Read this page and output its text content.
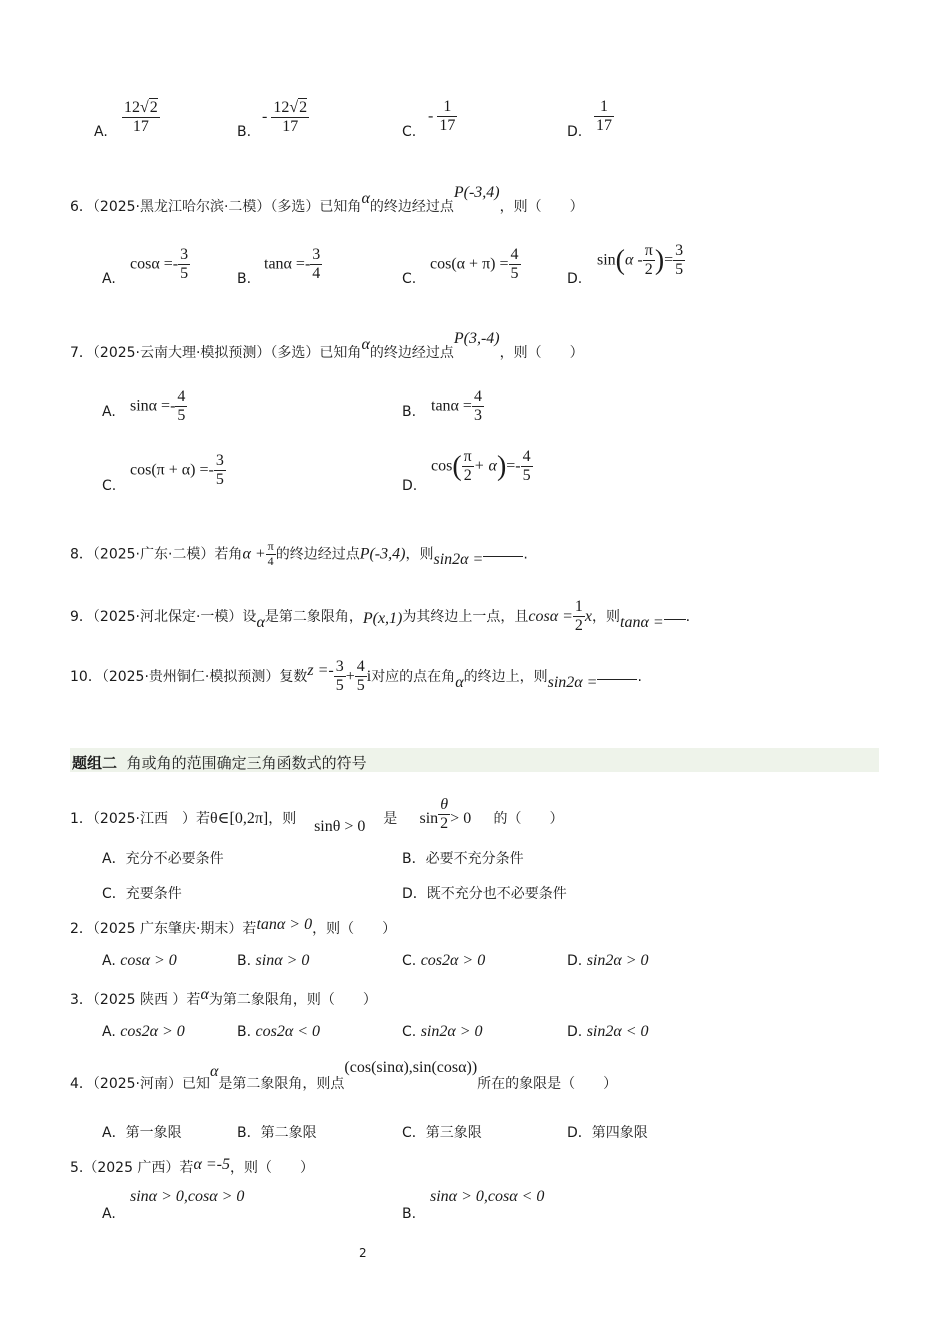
A. $\frac{12√2}{17}$	B.
- $\frac{12√2}{17}$	C.
- $\frac{1}{17}$	D. $\frac{1}{17}$
6．（2025·黑龙江哈尔滨·二模）（多选）已知角α的终边经过点P(-3,4)，则（　　）
A.
$\cos\alpha =- \frac{3}{5}$	B.
$\tan\alpha =- \frac{3}{4}$	C.
$\cos(\alpha + \pi) = \frac{4}{5}$	D.
$\sin(\alpha - \frac{\pi}{2}$ )= $\frac{3}{5}$
7．（2025·云南大理·模拟预测）（多选）已知角α的终边经过点P(3,-4)，则（　　）
A. $\sin\alpha =- \frac{4}{5}$	B. $\tan\alpha = \frac{4}{3}$
C.
$\cos(\pi + \alpha) =- \frac{3}{5}$	D.
$\cos( \frac{\pi}{2} + \alpha)=- \frac{4}{5}$
8．（2025·广东·二模）若角$\alpha + \frac{\pi}{4}$ 的终边经过点P(-3,4)，则sin2α =	.
9．（2025·河北保定·一模）设α是第二象限角，P(x,1)为其终边上一点，且$\cos\alpha = \frac{1}{2}$ x，则tanα = .
10．（2025·贵州铜仁·模拟预测）复数$z =- \frac{3}{5} + \frac{4}{5}$ i对应的点在角α的终边上，则sin2α =	.
题组二 角或角的范围确定三角函数式的符号
1．（2025·江西　）若θ∈[0,2π]，则 sinθ > 0 是 $\sin \frac{\theta}{2} > 0$ 的（　　）
A．充分不必要条件	B．必要不充分条件
C．充要条件	D．既不充分也不必要条件
2．（2025 广东肇庆·期末）若tanα > 0，则（　　）
A. cosα > 0	B. sinα > 0	C. cos2α > 0	D. sin2α > 0
3．（2025 陕西 ）若α为第二象限角，则（　　）
A. cos2α > 0	B. cos2α < 0	C. sin2α > 0	D. sin2α < 0
4．（2025·河南）已知α是第二象限角，则点(cos(sinα),sin(cosα))所在的象限是（　　）
A．第一象限	B．第二象限	C．第三象限	D．第四象限
5.（2025 广西）若α =-5，则（　　）
A.
sinα > 0,cosα > 0
B.
sinα > 0,cosα < 0
2
